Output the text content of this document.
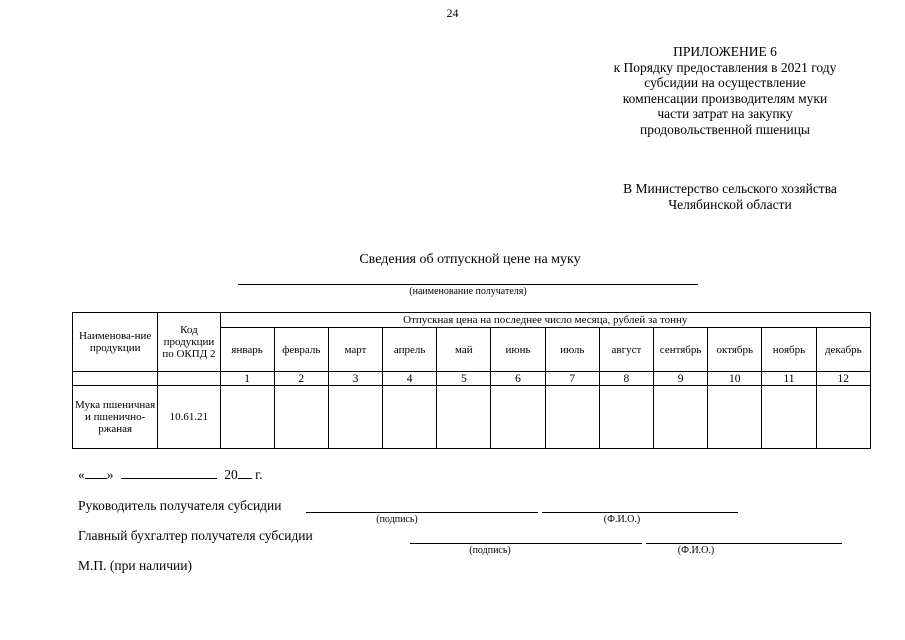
24
ПРИЛОЖЕНИЕ 6
к Порядку предоставления в 2021 году
субсидии на осуществление
компенсации производителям муки
части затрат на закупку
продовольственной пшеницы
В Министерство сельского хозяйства
Челябинской области
Сведения об отпускной цене на муку
(наименование получателя)
Наименова-ние продукции	Код продукции по ОКПД 2	Отпускная цена на последнее число месяца, рублей за тонну											
		январь	февраль	март	апрель	май	июнь	июль	август	сентябрь	октябрь	ноябрь	декабрь
		1	2	3	4	5	6	7	8	9	10	11	12
Мука пшеничная и пшенично-ржаная	10.61.21												
« »	20 г.
Руководитель получателя субсидии
(подпись)	(Ф.И.О.)
Главный бухгалтер получателя субсидии
(подпись)	(Ф.И.О.)
М.П. (при наличии)
